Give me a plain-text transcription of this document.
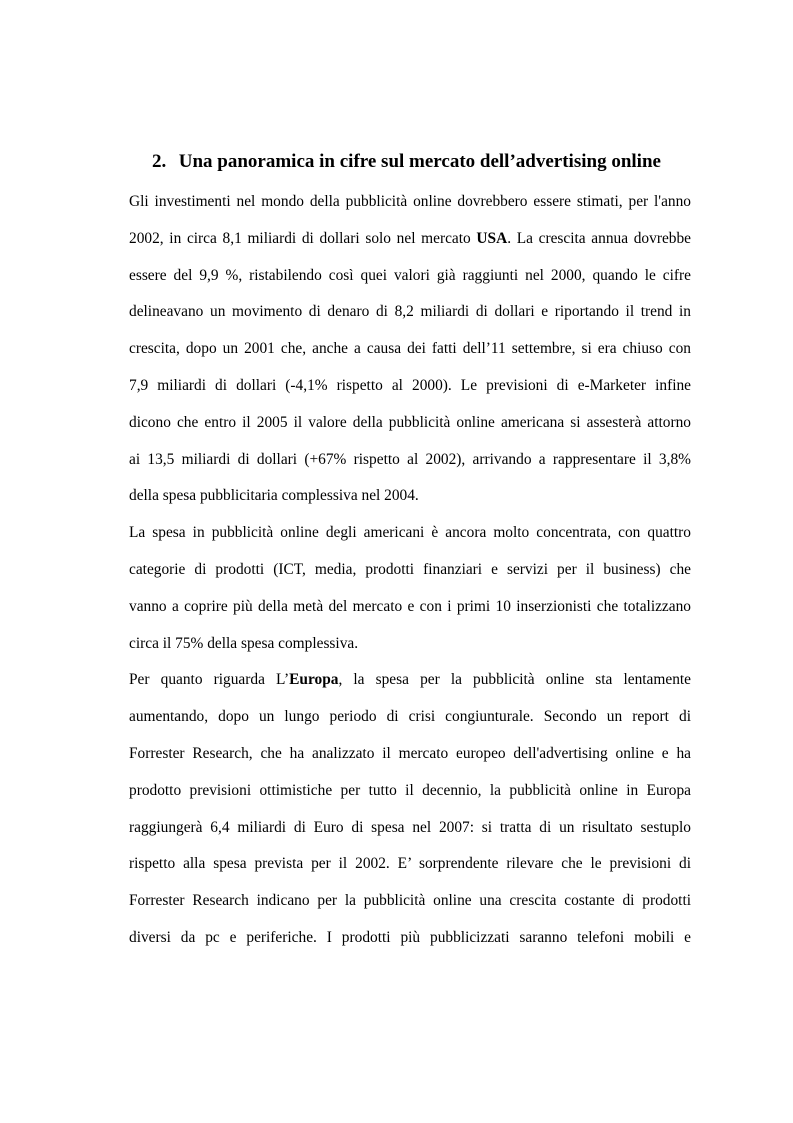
2. Una panoramica in cifre sul mercato dell’advertising online
Gli investimenti nel mondo della pubblicità online dovrebbero essere stimati, per l'anno
2002, in circa 8,1 miliardi di dollari solo nel mercato USA. La crescita annua dovrebbe
essere del 9,9 %, ristabilendo così quei valori già raggiunti nel 2000, quando le cifre
delineavano un movimento di denaro di 8,2 miliardi di dollari e riportando il trend in
crescita, dopo un 2001 che, anche a causa dei fatti dell’11 settembre, si era chiuso con
7,9 miliardi di dollari (-4,1% rispetto al 2000). Le previsioni di e-Marketer infine
dicono che entro il 2005 il valore della pubblicità online americana si assesterà attorno
ai 13,5 miliardi di dollari (+67% rispetto al 2002), arrivando a rappresentare il 3,8%
della spesa pubblicitaria complessiva nel 2004.
La spesa in pubblicità online degli americani è ancora molto concentrata, con quattro
categorie di prodotti (ICT, media, prodotti finanziari e servizi per il business) che
vanno a coprire più della metà del mercato e con i primi 10 inserzionisti che totalizzano
circa il 75% della spesa complessiva.
Per quanto riguarda L’Europa, la spesa per la pubblicità online sta lentamente
aumentando, dopo un lungo periodo di crisi congiunturale. Secondo un report di
Forrester Research, che ha analizzato il mercato europeo dell'advertising online e ha
prodotto previsioni ottimistiche per tutto il decennio, la pubblicità online in Europa
raggiungerà 6,4 miliardi di Euro di spesa nel 2007: si tratta di un risultato sestuplo
rispetto alla spesa prevista per il 2002. E’ sorprendente rilevare che le previsioni di
Forrester Research indicano per la pubblicità online una crescita costante di prodotti
diversi da pc e periferiche. I prodotti più pubblicizzati saranno telefoni mobili e
